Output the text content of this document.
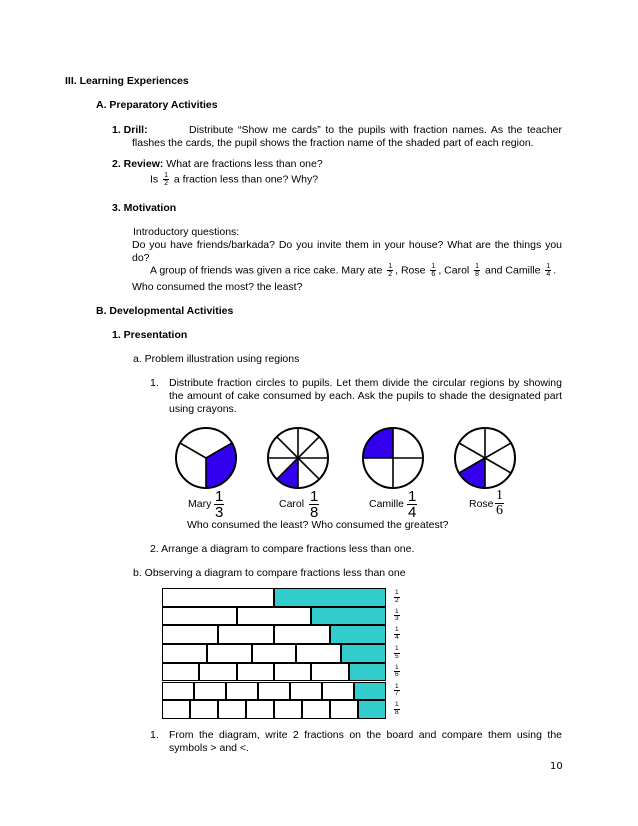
III. Learning Experiences
A. Preparatory Activities
1. Drill:	Distribute “Show me cards” to the pupils with fraction names. As the teacher flashes the cards, the pupil shows the fraction name of the shaded part of each region.
2. Review: What are fractions less than one?
Is $\frac{1}{2}$ a fraction less than one? Why?
3. Motivation
Introductory questions:
Do you have friends/barkada? Do you invite them in your house? What are the things you do?
A group of friends was given a rice cake. Mary ate $\frac{1}{2}$ , Rose $\frac{1}{6}$ , Carol $\frac{1}{8}$ and Camille $\frac{1}{4}$ .
Who consumed the most? the least?
B. Developmental Activities
1. Presentation
a. Problem illustration using regions
1. Distribute fraction circles to pupils. Let them divide the circular regions by showing the amount of cake consumed by each. Ask the pupils to shade the designated part using crayons.
Mary $\frac{1}{3}$	Carol $\frac{1}{8}$	Camille $\frac{1}{4}$	Rose $\frac{1}{6}$
Who consumed the least? Who consumed the greatest?
2. Arrange a diagram to compare fractions less than one.
b. Observing a diagram to compare fractions less than one
$\frac{1}{2}$
$\frac{1}{3}$
$\frac{1}{4}$
$\frac{1}{5}$
$\frac{1}{6}$
$\frac{1}{7}$
$\frac{1}{8}$
1. From the diagram, write 2 fractions on the board and compare them using the symbols > and <.
10
